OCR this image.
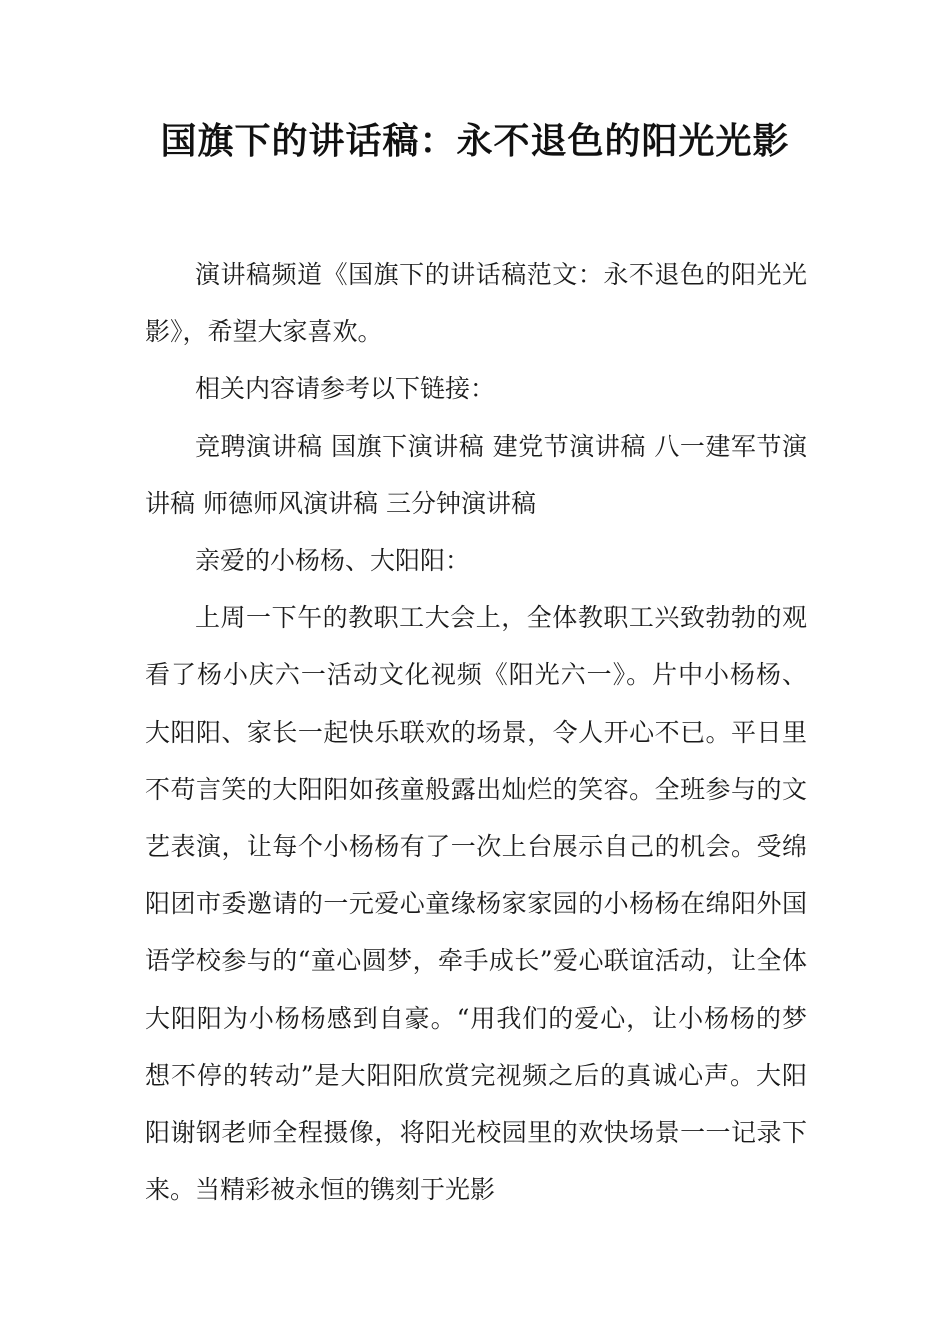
国旗下的讲话稿：永不退色的阳光光影

演讲稿频道《国旗下的讲话稿范文：永不退色的阳光光影》，希望大家喜欢。

相关内容请参考以下链接：

竞聘演讲稿 国旗下演讲稿 建党节演讲稿 八一建军节演讲稿 师德师风演讲稿 三分钟演讲稿

亲爱的小杨杨、大阳阳：

上周一下午的教职工大会上，全体教职工兴致勃勃的观看了杨小庆六一活动文化视频《阳光六一》。片中小杨杨、大阳阳、家长一起快乐联欢的场景，令人开心不已。平日里不苟言笑的大阳阳如孩童般露出灿烂的笑容。全班参与的文艺表演，让每个小杨杨有了一次上台展示自己的机会。受绵阳团市委邀请的一元爱心童缘杨家家园的小杨杨在绵阳外国语学校参与的“童心圆梦，牵手成长”爱心联谊活动，让全体大阳阳为小杨杨感到自豪。“用我们的爱心，让小杨杨的梦想不停的转动”是大阳阳欣赏完视频之后的真诚心声。大阳阳谢钢老师全程摄像，将阳光校园里的欢快场景一一记录下来。当精彩被永恒的镌刻于光影
